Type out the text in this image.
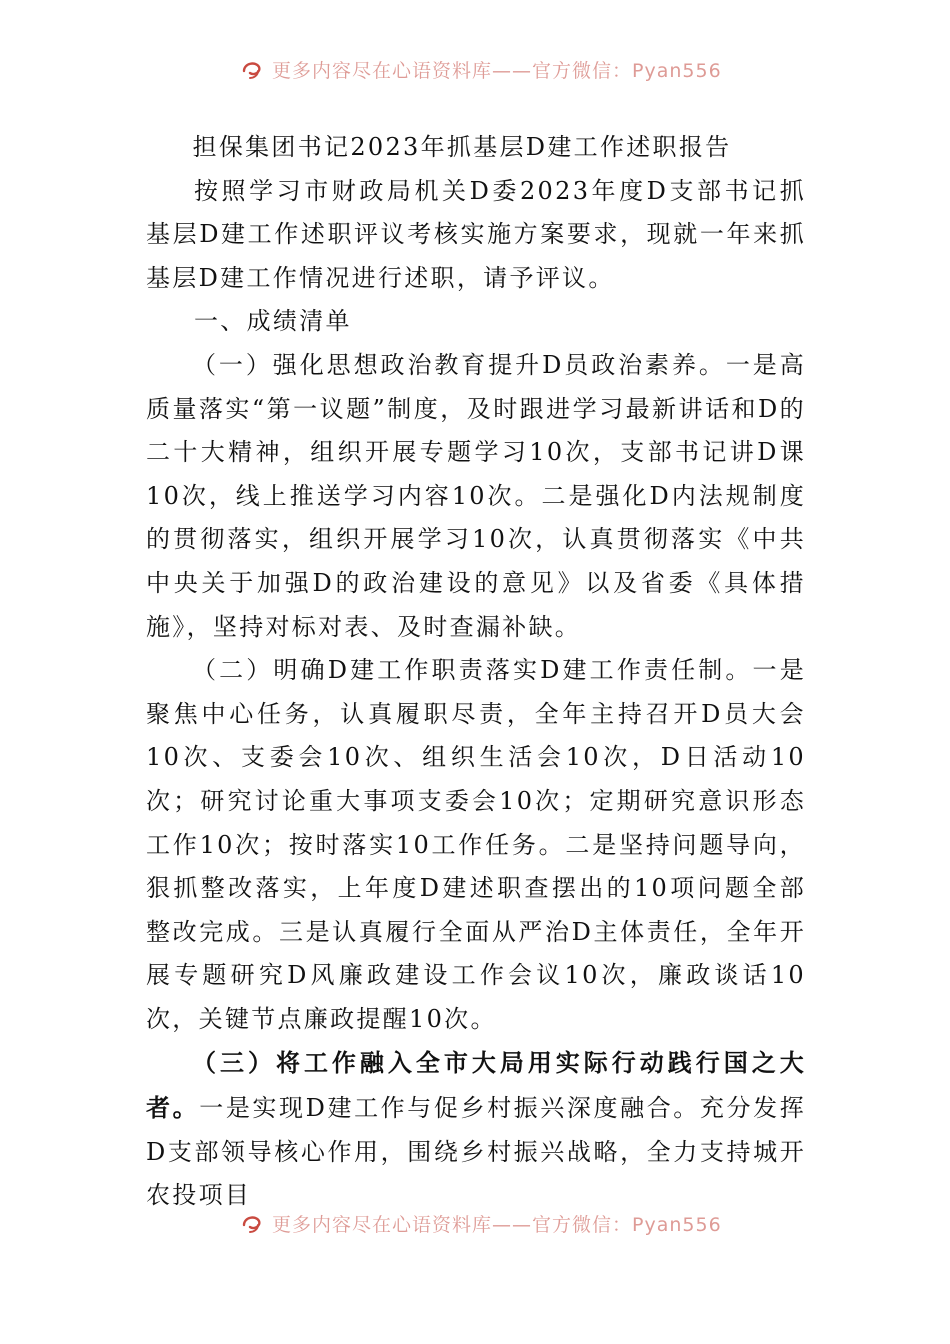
更多内容尽在心语资料库——官方微信：Pyan556

担保集团书记2023年抓基层D建工作述职报告

按照学习市财政局机关D委2023年度D支部书记抓基层D建工作述职评议考核实施方案要求，现就一年来抓基层D建工作情况进行述职，请予评议。

一、成绩清单

（一）强化思想政治教育提升D员政治素养。一是高质量落实“第一议题”制度，及时跟进学习最新讲话和D的二十大精神，组织开展专题学习10次，支部书记讲D课10次，线上推送学习内容10次。二是强化D内法规制度的贯彻落实，组织开展学习10次，认真贯彻落实《中共中央关于加强D的政治建设的意见》以及省委《具体措施》，坚持对标对表、及时查漏补缺。

（二）明确D建工作职责落实D建工作责任制。一是聚焦中心任务，认真履职尽责，全年主持召开D员大会10次、支委会10次、组织生活会10次，D日活动10次；研究讨论重大事项支委会10次；定期研究意识形态工作10次；按时落实10工作任务。二是坚持问题导向，狠抓整改落实，上年度D建述职查摆出的10项问题全部整改完成。三是认真履行全面从严治D主体责任，全年开展专题研究D风廉政建设工作会议10次，廉政谈话10次，关键节点廉政提醒10次。

（三）将工作融入全市大局用实际行动践行国之大者。一是实现D建工作与促乡村振兴深度融合。充分发挥D支部领导核心作用，围绕乡村振兴战略，全力支持城开农投项目

更多内容尽在心语资料库——官方微信：Pyan556
